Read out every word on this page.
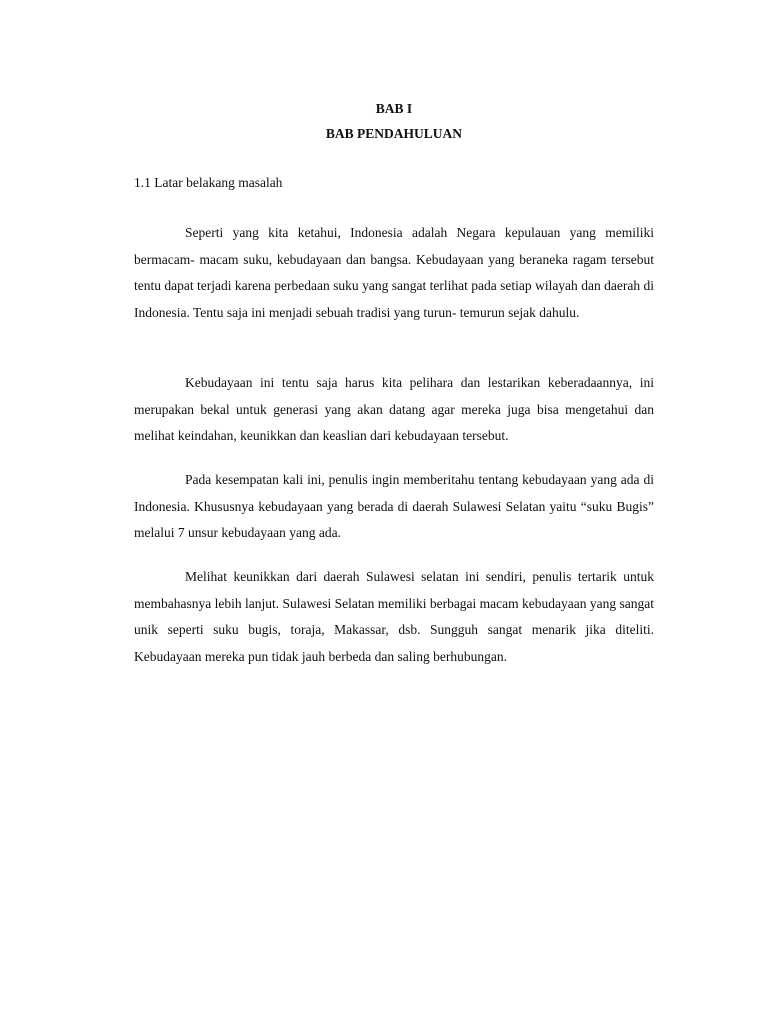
BAB I

BAB PENDAHULUAN

1.1 Latar belakang masalah

Seperti yang kita ketahui, Indonesia adalah Negara kepulauan yang memiliki bermacam- macam suku, kebudayaan dan bangsa. Kebudayaan yang beraneka ragam tersebut tentu dapat terjadi karena perbedaan suku yang sangat terlihat pada setiap wilayah dan daerah di Indonesia. Tentu saja ini menjadi sebuah tradisi yang turun- temurun sejak dahulu.

Kebudayaan ini tentu saja harus kita pelihara dan lestarikan keberadaannya, ini merupakan bekal untuk generasi yang akan datang agar mereka juga bisa mengetahui dan melihat keindahan, keunikkan dan keaslian dari kebudayaan tersebut.

Pada kesempatan kali ini, penulis ingin memberitahu tentang kebudayaan yang ada di Indonesia. Khususnya kebudayaan yang berada di daerah Sulawesi Selatan yaitu “suku Bugis” melalui 7 unsur kebudayaan yang ada.

Melihat keunikkan dari daerah Sulawesi selatan ini sendiri, penulis tertarik untuk membahasnya lebih lanjut. Sulawesi Selatan memiliki berbagai macam kebudayaan yang sangat unik seperti suku bugis, toraja, Makassar, dsb. Sungguh sangat menarik jika diteliti. Kebudayaan mereka pun tidak jauh berbeda dan saling berhubungan.
